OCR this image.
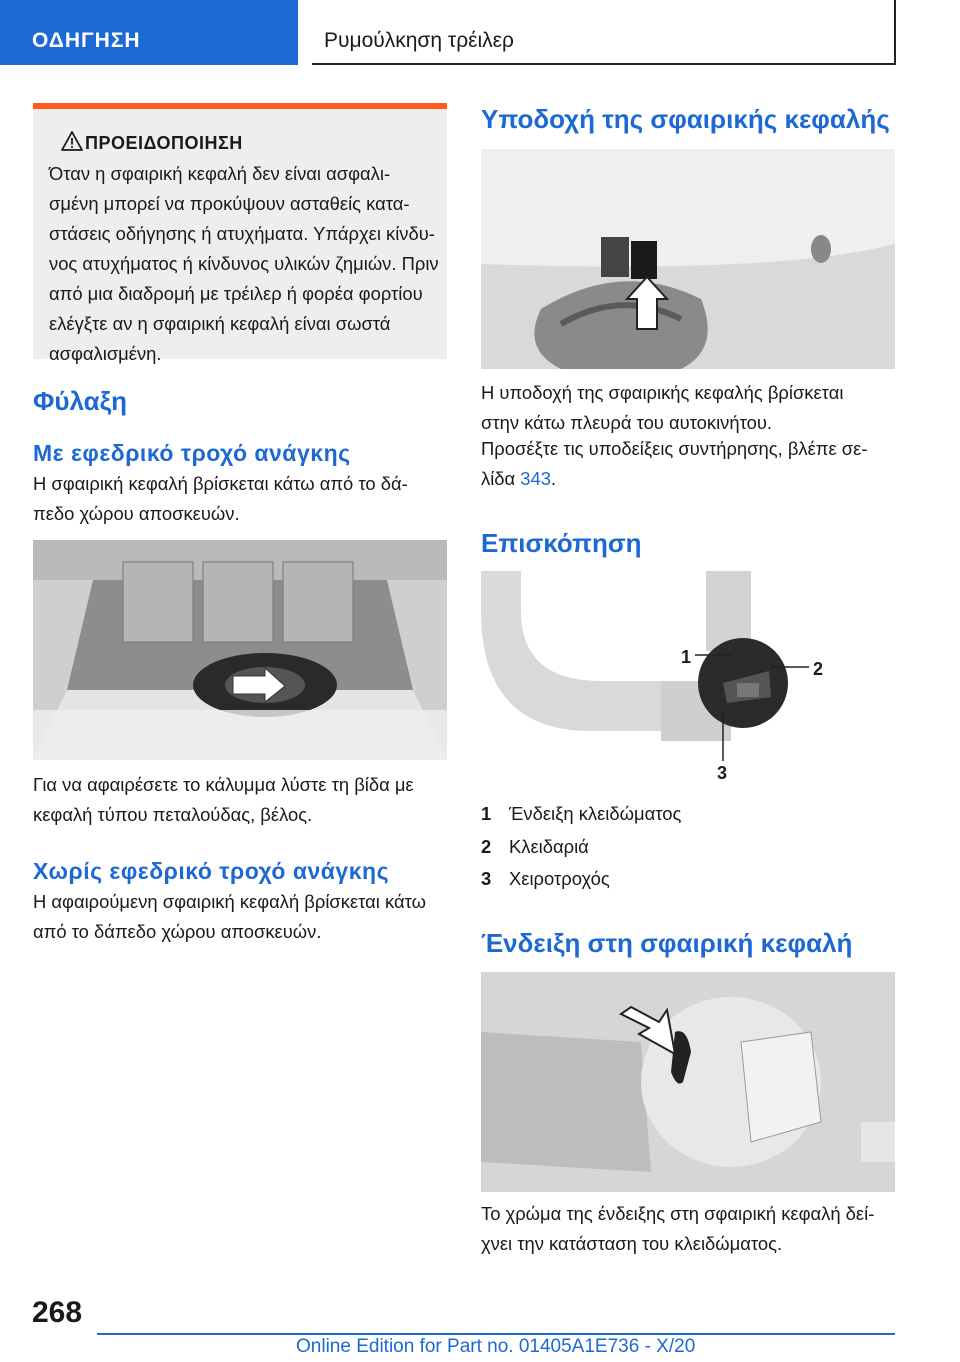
ΟΔΗΓΗΣΗ	Ρυμούλκηση τρέιλερ
ΠΡΟΕΙΔΟΠΟΙΗΣΗ
Όταν η σφαιρική κεφαλή δεν είναι ασφαλι-
σμένη μπορεί να προκύψουν ασταθείς κατα-
στάσεις οδήγησης ή ατυχήματα. Υπάρχει κίνδυ-
νος ατυχήματος ή κίνδυνος υλικών ζημιών. Πριν
από μια διαδρομή με τρέιλερ ή φορέα φορτίου
ελέγξτε αν η σφαιρική κεφαλή είναι σωστά
ασφαλισμένη.
Φύλαξη
Με εφεδρικό τροχό ανάγκης
Η σφαιρική κεφαλή βρίσκεται κάτω από το δά-
πεδο χώρου αποσκευών.
Για να αφαιρέσετε το κάλυμμα λύστε τη βίδα με
κεφαλή τύπου πεταλούδας, βέλος.
Χωρίς εφεδρικό τροχό ανάγκης
Η αφαιρούμενη σφαιρική κεφαλή βρίσκεται κάτω
από το δάπεδο χώρου αποσκευών.
Υποδοχή της σφαιρικής κεφαλής
Η υποδοχή της σφαιρικής κεφαλής βρίσκεται
στην κάτω πλευρά του αυτοκινήτου.
Προσέξτε τις υποδείξεις συντήρησης, βλέπε σε-
λίδα 343.
Επισκόπηση
1
2
3
1 Ένδειξη κλειδώματος
2 Κλειδαριά
3 Χειροτροχός
Ένδειξη στη σφαιρική κεφαλή
Το χρώμα της ένδειξης στη σφαιρική κεφαλή δεί-
χνει την κατάσταση του κλειδώματος.
268
Online Edition for Part no. 01405A1E736 - X/20
